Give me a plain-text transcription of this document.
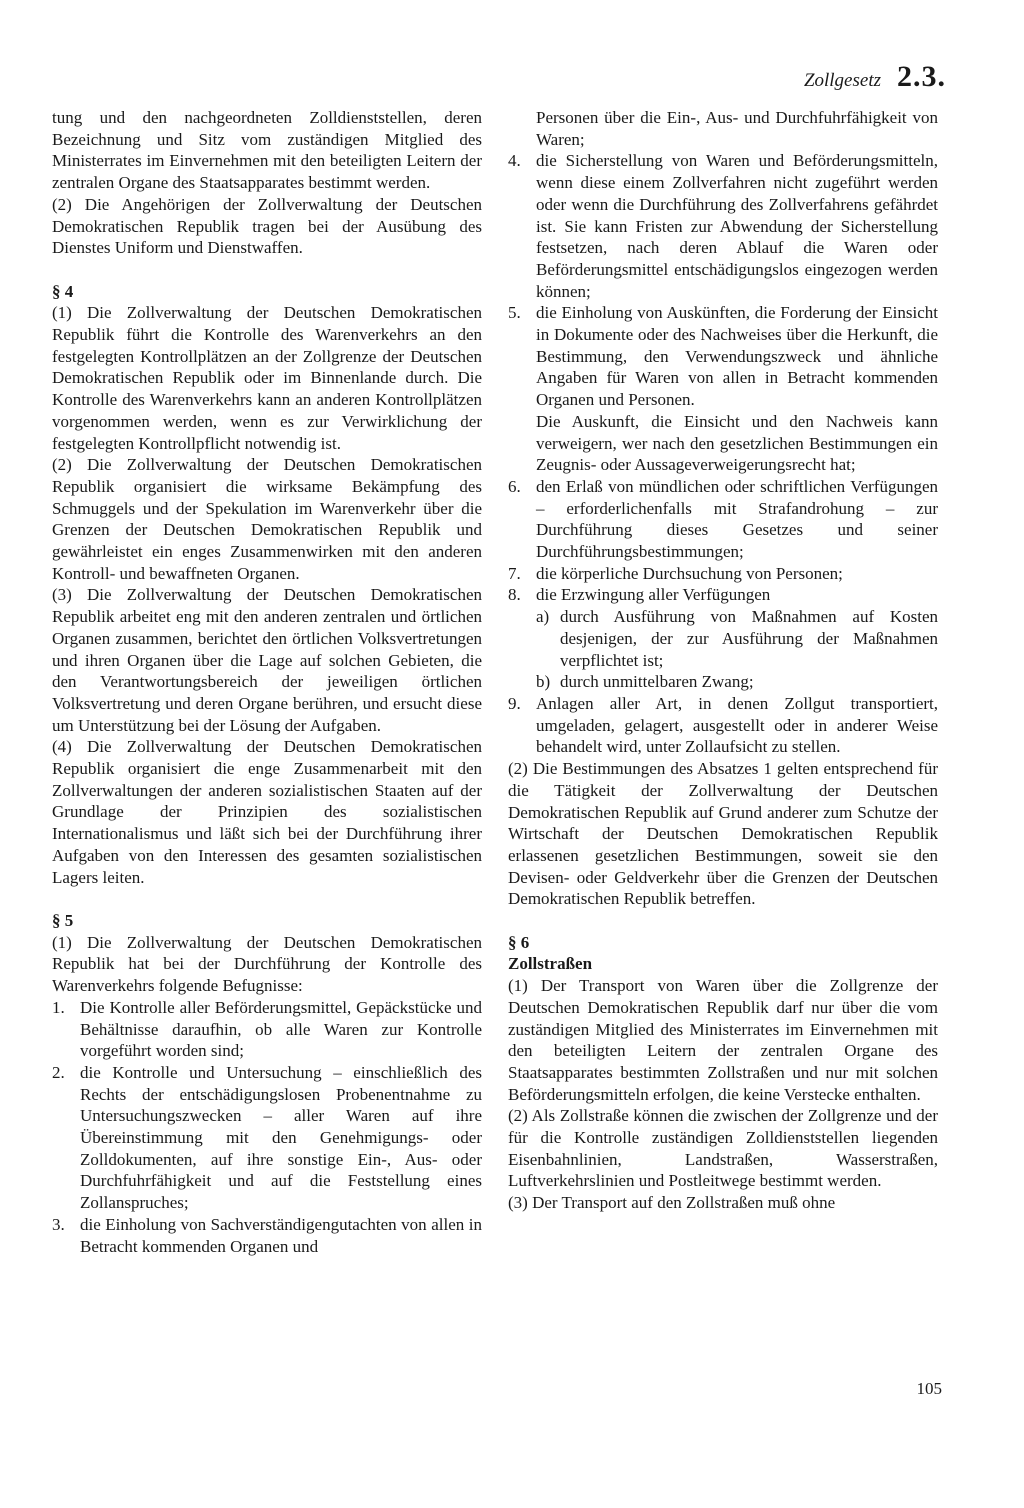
Zollgesetz 2.3.

tung und den nachgeordneten Zolldienststellen, deren Bezeichnung und Sitz vom zuständigen Mitglied des Ministerrates im Einvernehmen mit den beteiligten Leitern der zentralen Organe des Staatsapparates bestimmt werden.

(2) Die Angehörigen der Zollverwaltung der Deutschen Demokratischen Republik tragen bei der Ausübung des Dienstes Uniform und Dienstwaffen.

§ 4

(1) Die Zollverwaltung der Deutschen Demokratischen Republik führt die Kontrolle des Warenverkehrs an den festgelegten Kontrollplätzen an der Zollgrenze der Deutschen Demokratischen Republik oder im Binnenlande durch. Die Kontrolle des Warenverkehrs kann an anderen Kontrollplätzen vorgenommen werden, wenn es zur Verwirklichung der festgelegten Kontrollpflicht notwendig ist.

(2) Die Zollverwaltung der Deutschen Demokratischen Republik organisiert die wirksame Bekämpfung des Schmuggels und der Spekulation im Warenverkehr über die Grenzen der Deutschen Demokratischen Republik und gewährleistet ein enges Zusammenwirken mit den anderen Kontroll- und bewaffneten Organen.

(3) Die Zollverwaltung der Deutschen Demokratischen Republik arbeitet eng mit den anderen zentralen und örtlichen Organen zusammen, berichtet den örtlichen Volksvertretungen und ihren Organen über die Lage auf solchen Gebieten, die den Verantwortungsbereich der jeweiligen örtlichen Volksvertretung und deren Organe berühren, und ersucht diese um Unterstützung bei der Lösung der Aufgaben.

(4) Die Zollverwaltung der Deutschen Demokratischen Republik organisiert die enge Zusammenarbeit mit den Zollverwaltungen der anderen sozialistischen Staaten auf der Grundlage der Prinzipien des sozialistischen Internationalismus und läßt sich bei der Durchführung ihrer Aufgaben von den Interessen des gesamten sozialistischen Lagers leiten.

§ 5

(1) Die Zollverwaltung der Deutschen Demokratischen Republik hat bei der Durchführung der Kontrolle des Warenverkehrs folgende Befugnisse:

1. Die Kontrolle aller Beförderungsmittel, Gepäckstücke und Behältnisse daraufhin, ob alle Waren zur Kontrolle vorgeführt worden sind;
2. die Kontrolle und Untersuchung – einschließlich des Rechts der entschädigungslosen Probenentnahme zu Untersuchungszwecken – aller Waren auf ihre Übereinstimmung mit den Genehmigungs- oder Zolldokumenten, auf ihre sonstige Ein-, Aus- oder Durchfuhrfähigkeit und auf die Feststellung eines Zollanspruches;
3. die Einholung von Sachverständigengutachten von allen in Betracht kommenden Organen und

Personen über die Ein-, Aus- und Durchfuhrfähigkeit von Waren;

4. die Sicherstellung von Waren und Beförderungsmitteln, wenn diese einem Zollverfahren nicht zugeführt werden oder wenn die Durchführung des Zollverfahrens gefährdet ist. Sie kann Fristen zur Abwendung der Sicherstellung festsetzen, nach deren Ablauf die Waren oder Beförderungsmittel entschädigungslos eingezogen werden können;
5. die Einholung von Auskünften, die Forderung der Einsicht in Dokumente oder des Nachweises über die Herkunft, die Bestimmung, den Verwendungszweck und ähnliche Angaben für Waren von allen in Betracht kommenden Organen und Personen.

Die Auskunft, die Einsicht und den Nachweis kann verweigern, wer nach den gesetzlichen Bestimmungen ein Zeugnis- oder Aussageverweigerungsrecht hat;

6. den Erlaß von mündlichen oder schriftlichen Verfügungen – erforderlichenfalls mit Strafandrohung – zur Durchführung dieses Gesetzes und seiner Durchführungsbestimmungen;
7. die körperliche Durchsuchung von Personen;
8. die Erzwingung aller Verfügungen
a) durch Ausführung von Maßnahmen auf Kosten desjenigen, der zur Ausführung der Maßnahmen verpflichtet ist;
b) durch unmittelbaren Zwang;
9. Anlagen aller Art, in denen Zollgut transportiert, umgeladen, gelagert, ausgestellt oder in anderer Weise behandelt wird, unter Zollaufsicht zu stellen.

(2) Die Bestimmungen des Absatzes 1 gelten entsprechend für die Tätigkeit der Zollverwaltung der Deutschen Demokratischen Republik auf Grund anderer zum Schutze der Wirtschaft der Deutschen Demokratischen Republik erlassenen gesetzlichen Bestimmungen, soweit sie den Devisen- oder Geldverkehr über die Grenzen der Deutschen Demokratischen Republik betreffen.

§ 6

Zollstraßen

(1) Der Transport von Waren über die Zollgrenze der Deutschen Demokratischen Republik darf nur über die vom zuständigen Mitglied des Ministerrates im Einvernehmen mit den beteiligten Leitern der zentralen Organe des Staatsapparates bestimmten Zollstraßen und nur mit solchen Beförderungsmitteln erfolgen, die keine Verstecke enthalten.

(2) Als Zollstraße können die zwischen der Zollgrenze und der für die Kontrolle zuständigen Zolldienststellen liegenden Eisenbahnlinien, Landstraßen, Wasserstraßen, Luftverkehrslinien und Postleitwege bestimmt werden.

(3) Der Transport auf den Zollstraßen muß ohne

105
